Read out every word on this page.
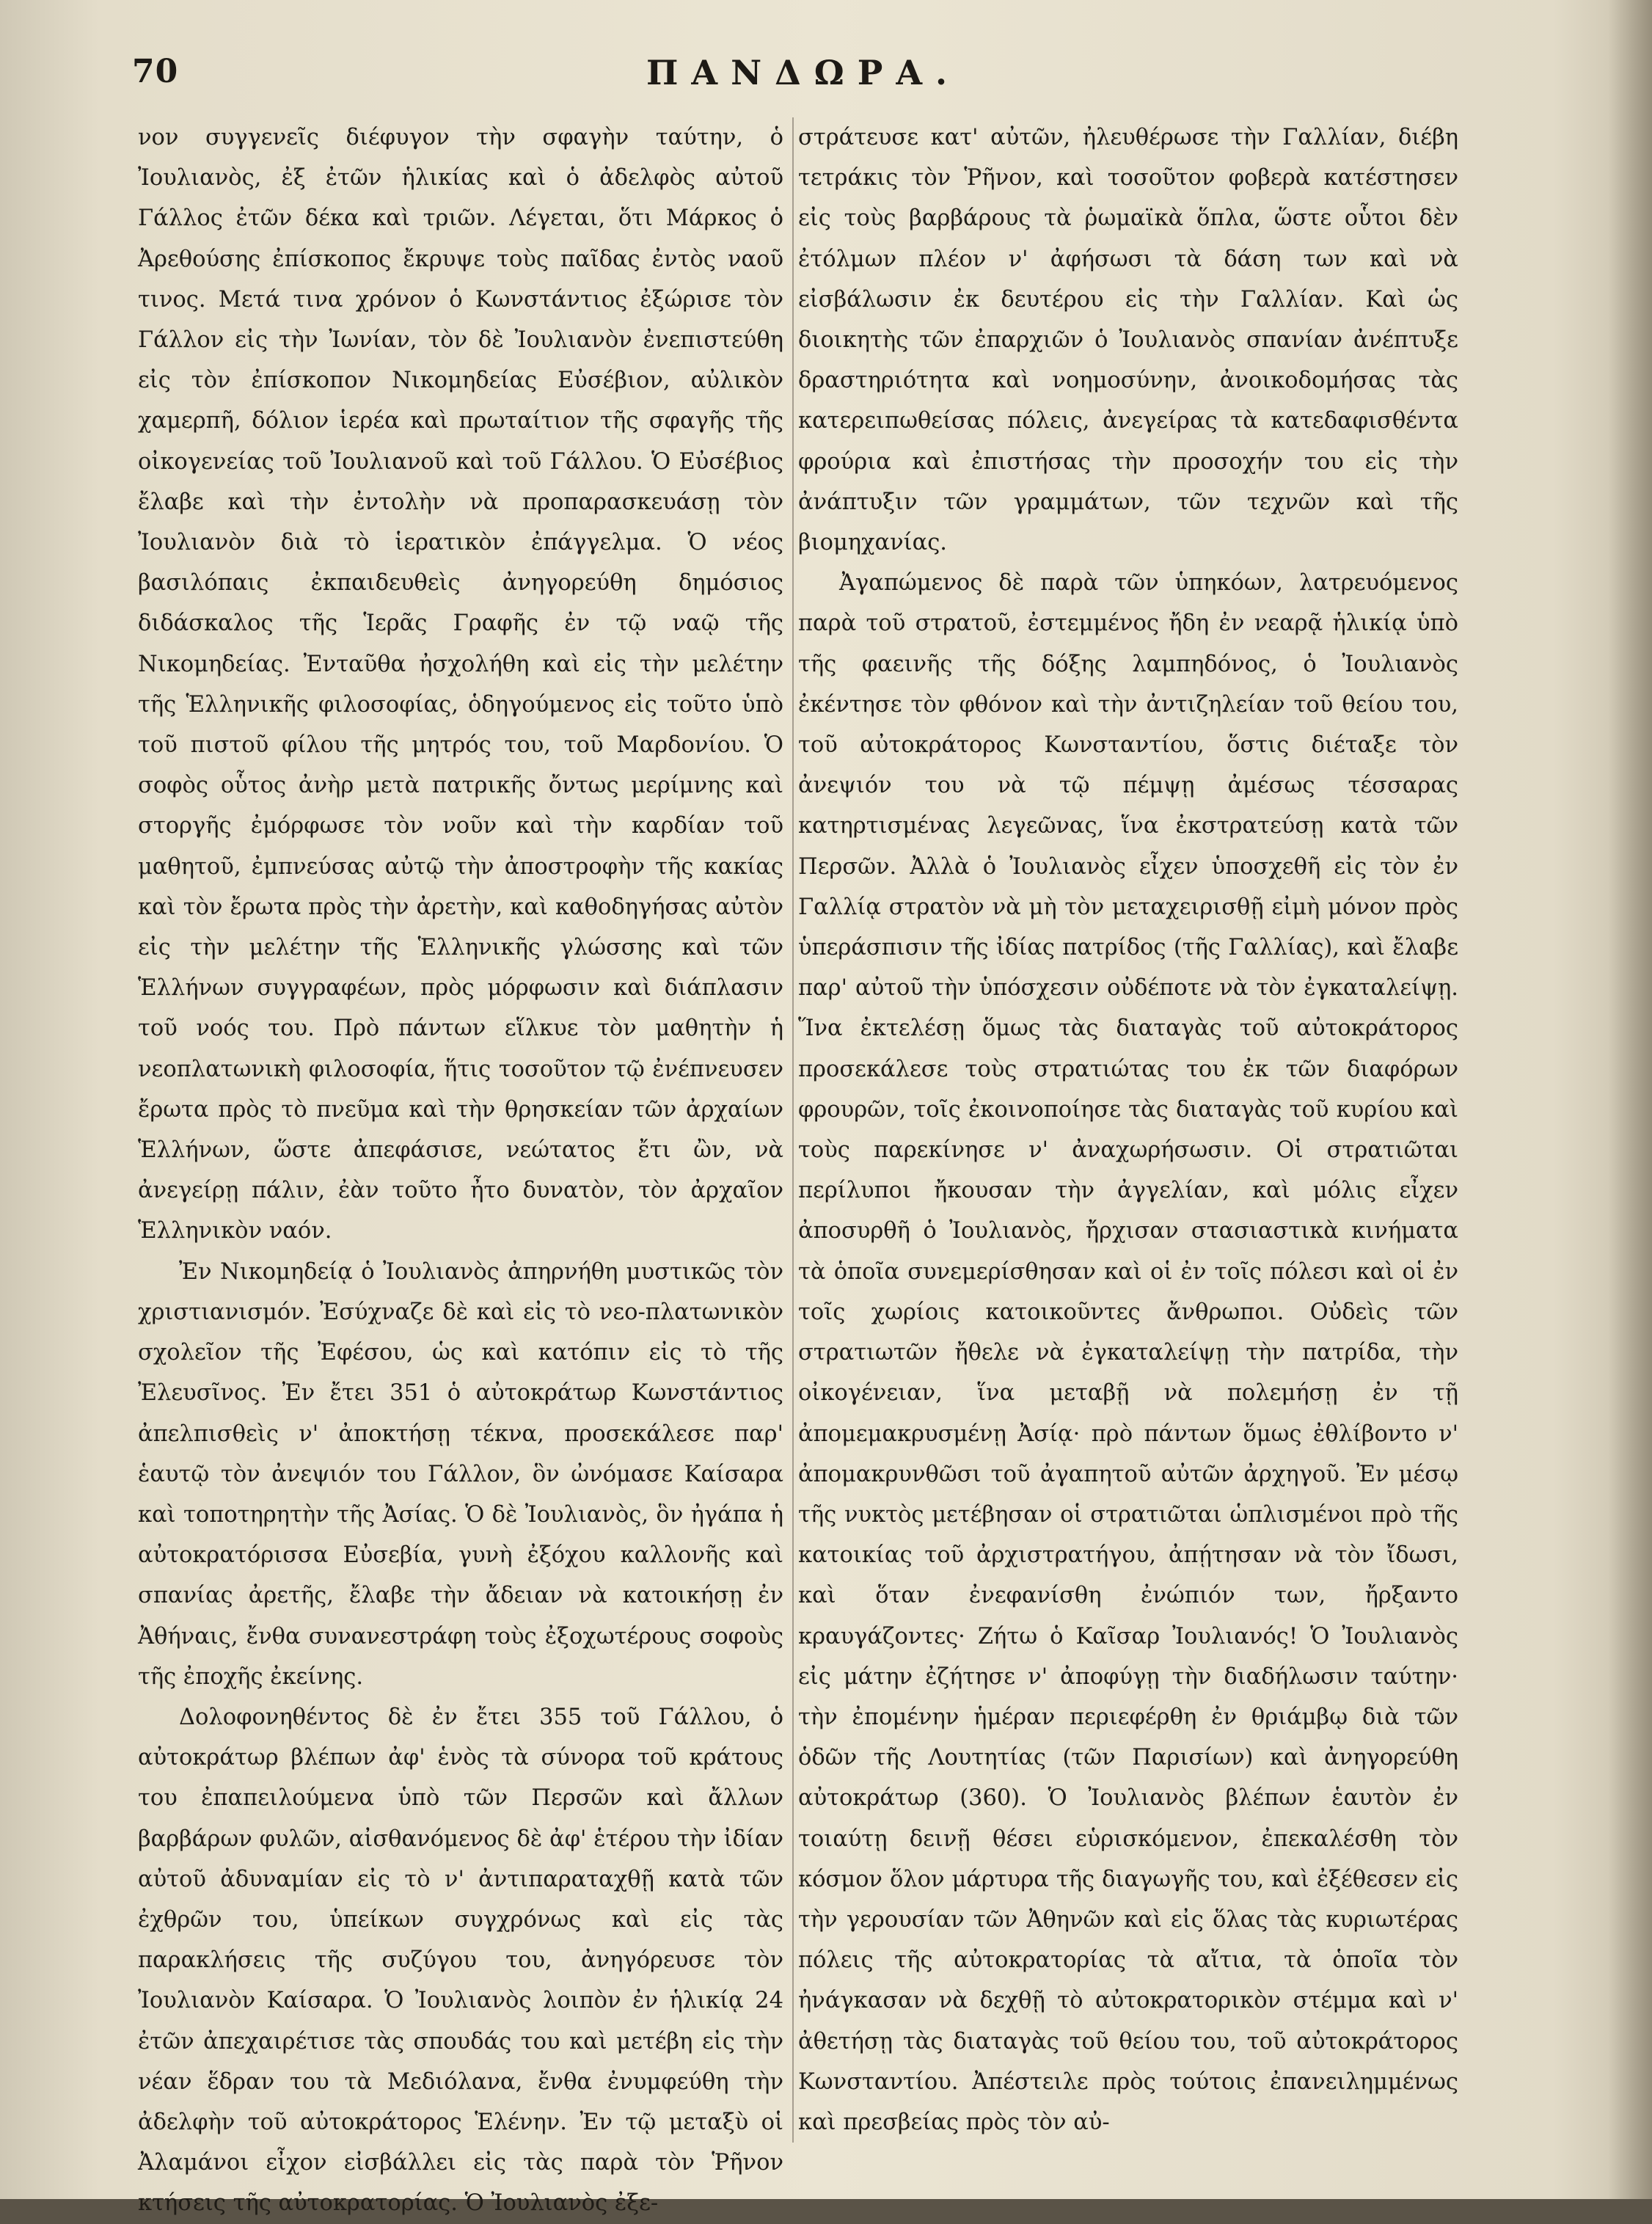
70	ΠΑΝΔΩΡΑ.

νον συγγενεῖς διέφυγον τὴν σφαγὴν ταύτην, ὁ Ἰουλιανὸς, ἐξ ἐτῶν ἡλικίας καὶ ὁ ἀδελφὸς αὐτοῦ Γάλλος ἐτῶν δέκα καὶ τριῶν. Λέγεται, ὅτι Μάρκος ὁ Ἀρεθούσης ἐπίσκοπος ἔκρυψε τοὺς παῖδας ἐντὸς ναοῦ τινος. Μετά τινα χρόνον ὁ Κωνστάντιος ἐξώρισε τὸν Γάλλον εἰς τὴν Ἰωνίαν, τὸν δὲ Ἰουλιανὸν ἐνεπιστεύθη εἰς τὸν ἐπίσκοπον Νικομηδείας Εὐσέβιον, αὐλικὸν χαμερπῆ, δόλιον ἱερέα καὶ πρωταίτιον τῆς σφαγῆς τῆς οἰκογενείας τοῦ Ἰουλιανοῦ καὶ τοῦ Γάλλου. Ὁ Εὐσέβιος ἔλαβε καὶ τὴν ἐντολὴν νὰ προπαρασκευάσῃ τὸν Ἰουλιανὸν διὰ τὸ ἱερατικὸν ἐπάγγελμα. Ὁ νέος βασιλόπαις ἐκπαιδευθεὶς ἀνηγορεύθη δημόσιος διδάσκαλος τῆς Ἱερᾶς Γραφῆς ἐν τῷ ναῷ τῆς Νικομηδείας. Ἐνταῦθα ἠσχολήθη καὶ εἰς τὴν μελέτην τῆς Ἑλληνικῆς φιλοσοφίας, ὁδηγούμενος εἰς τοῦτο ὑπὸ τοῦ πιστοῦ φίλου τῆς μητρός του, τοῦ Μαρδονίου. Ὁ σοφὸς οὗτος ἀνὴρ μετὰ πατρικῆς ὄντως μερίμνης καὶ στοργῆς ἐμόρφωσε τὸν νοῦν καὶ τὴν καρδίαν τοῦ μαθητοῦ, ἐμπνεύσας αὐτῷ τὴν ἀποστροφὴν τῆς κακίας καὶ τὸν ἔρωτα πρὸς τὴν ἀρετὴν, καὶ καθοδηγήσας αὐτὸν εἰς τὴν μελέτην τῆς Ἑλληνικῆς γλώσσης καὶ τῶν Ἑλλήνων συγγραφέων, πρὸς μόρφωσιν καὶ διάπλασιν τοῦ νοός του. Πρὸ πάντων εἵλκυε τὸν μαθητὴν ἡ νεοπλατωνικὴ φιλοσοφία, ἥτις τοσοῦτον τῷ ἐνέπνευσεν ἔρωτα πρὸς τὸ πνεῦμα καὶ τὴν θρησκείαν τῶν ἀρχαίων Ἑλλήνων, ὥστε ἀπεφάσισε, νεώτατος ἔτι ὢν, νὰ ἀνεγείρῃ πάλιν, ἐὰν τοῦτο ἦτο δυνατὸν, τὸν ἀρχαῖον Ἑλληνικὸν ναόν.

Ἐν Νικομηδείᾳ ὁ Ἰουλιανὸς ἀπηρνήθη μυστικῶς τὸν χριστιανισμόν. Ἐσύχναζε δὲ καὶ εἰς τὸ νεο-πλατωνικὸν σχολεῖον τῆς Ἐφέσου, ὡς καὶ κατόπιν εἰς τὸ τῆς Ἐλευσῖνος. Ἐν ἔτει 351 ὁ αὐτοκράτωρ Κωνστάντιος ἀπελπισθεὶς ν' ἀποκτήσῃ τέκνα, προσεκάλεσε παρ' ἑαυτῷ τὸν ἀνεψιόν του Γάλλον, ὃν ὠνόμασε Καίσαρα καὶ τοποτηρητὴν τῆς Ἀσίας. Ὁ δὲ Ἰουλιανὸς, ὃν ἠγάπα ἡ αὐτοκρατόρισσα Εὐσεβία, γυνὴ ἐξόχου καλλονῆς καὶ σπανίας ἀρετῆς, ἔλαβε τὴν ἄδειαν νὰ κατοικήσῃ ἐν Ἀθήναις, ἔνθα συνανεστράφη τοὺς ἐξοχωτέρους σοφοὺς τῆς ἐποχῆς ἐκείνης.

Δολοφονηθέντος δὲ ἐν ἔτει 355 τοῦ Γάλλου, ὁ αὐτοκράτωρ βλέπων ἀφ' ἑνὸς τὰ σύνορα τοῦ κράτους του ἐπαπειλούμενα ὑπὸ τῶν Περσῶν καὶ ἄλλων βαρβάρων φυλῶν, αἰσθανόμενος δὲ ἀφ' ἑτέρου τὴν ἰδίαν αὐτοῦ ἀδυναμίαν εἰς τὸ ν' ἀντιπαραταχθῇ κατὰ τῶν ἐχθρῶν του, ὑπείκων συγχρόνως καὶ εἰς τὰς παρακλήσεις τῆς συζύγου του, ἀνηγόρευσε τὸν Ἰουλιανὸν Καίσαρα. Ὁ Ἰουλιανὸς λοιπὸν ἐν ἡλικίᾳ 24 ἐτῶν ἀπεχαιρέτισε τὰς σπουδάς του καὶ μετέβη εἰς τὴν νέαν ἕδραν του τὰ Μεδιόλανα, ἔνθα ἐνυμφεύθη τὴν ἀδελφὴν τοῦ αὐτοκράτορος Ἑλένην. Ἐν τῷ μεταξὺ οἱ Ἀλαμάνοι εἶχον εἰσβάλλει εἰς τὰς παρὰ τὸν Ῥῆνον κτήσεις τῆς αὐτοκρατορίας. Ὁ Ἰουλιανὸς ἐξε-

στράτευσε κατ' αὐτῶν, ἠλευθέρωσε τὴν Γαλλίαν, διέβη τετράκις τὸν Ῥῆνον, καὶ τοσοῦτον φοβερὰ κατέστησεν εἰς τοὺς βαρβάρους τὰ ῥωμαϊκὰ ὅπλα, ὥστε οὗτοι δὲν ἐτόλμων πλέον ν' ἀφήσωσι τὰ δάση των καὶ νὰ εἰσβάλωσιν ἐκ δευτέρου εἰς τὴν Γαλλίαν. Καὶ ὡς διοικητὴς τῶν ἐπαρχιῶν ὁ Ἰουλιανὸς σπανίαν ἀνέπτυξε δραστηριότητα καὶ νοημοσύνην, ἀνοικοδομήσας τὰς κατερειπωθείσας πόλεις, ἀνεγείρας τὰ κατεδαφισθέντα φρούρια καὶ ἐπιστήσας τὴν προσοχήν του εἰς τὴν ἀνάπτυξιν τῶν γραμμάτων, τῶν τεχνῶν καὶ τῆς βιομηχανίας.

Ἀγαπώμενος δὲ παρὰ τῶν ὑπηκόων, λατρευόμενος παρὰ τοῦ στρατοῦ, ἐστεμμένος ἤδη ἐν νεαρᾷ ἡλικίᾳ ὑπὸ τῆς φαεινῆς τῆς δόξης λαμπηδόνος, ὁ Ἰουλιανὸς ἐκέντησε τὸν φθόνον καὶ τὴν ἀντιζηλείαν τοῦ θείου του, τοῦ αὐτοκράτορος Κωνσταντίου, ὅστις διέταξε τὸν ἀνεψιόν του νὰ τῷ πέμψῃ ἀμέσως τέσσαρας κατηρτισμένας λεγεῶνας, ἵνα ἐκστρατεύσῃ κατὰ τῶν Περσῶν. Ἀλλὰ ὁ Ἰουλιανὸς εἶχεν ὑποσχεθῆ εἰς τὸν ἐν Γαλλίᾳ στρατὸν νὰ μὴ τὸν μεταχειρισθῇ εἰμὴ μόνον πρὸς ὑπεράσπισιν τῆς ἰδίας πατρίδος (τῆς Γαλλίας), καὶ ἔλαβε παρ' αὐτοῦ τὴν ὑπόσχεσιν οὐδέποτε νὰ τὸν ἐγκαταλείψῃ. Ἵνα ἐκτελέσῃ ὅμως τὰς διαταγὰς τοῦ αὐτοκράτορος προσεκάλεσε τοὺς στρατιώτας του ἐκ τῶν διαφόρων φρουρῶν, τοῖς ἐκοινοποίησε τὰς διαταγὰς τοῦ κυρίου καὶ τοὺς παρεκίνησε ν' ἀναχωρήσωσιν. Οἱ στρατιῶται περίλυποι ἤκουσαν τὴν ἀγγελίαν, καὶ μόλις εἶχεν ἀποσυρθῆ ὁ Ἰουλιανὸς, ἤρχισαν στασιαστικὰ κινήματα τὰ ὁποῖα συνεμερίσθησαν καὶ οἱ ἐν τοῖς πόλεσι καὶ οἱ ἐν τοῖς χωρίοις κατοικοῦντες ἄνθρωποι. Οὐδεὶς τῶν στρατιωτῶν ἤθελε νὰ ἐγκαταλείψῃ τὴν πατρίδα, τὴν οἰκογένειαν, ἵνα μεταβῇ νὰ πολεμήσῃ ἐν τῇ ἀπομεμακρυσμένῃ Ἀσίᾳ· πρὸ πάντων ὅμως ἐθλίβοντο ν' ἀπομακρυνθῶσι τοῦ ἀγαπητοῦ αὐτῶν ἀρχηγοῦ. Ἐν μέσῳ τῆς νυκτὸς μετέβησαν οἱ στρατιῶται ὡπλισμένοι πρὸ τῆς κατοικίας τοῦ ἀρχιστρατήγου, ἀπῄτησαν νὰ τὸν ἴδωσι, καὶ ὅταν ἐνεφανίσθη ἐνώπιόν των, ἤρξαντο κραυγάζοντες· Ζήτω ὁ Καῖσαρ Ἰουλιανός! Ὁ Ἰουλιανὸς εἰς μάτην ἐζήτησε ν' ἀποφύγῃ τὴν διαδήλωσιν ταύτην· τὴν ἐπομένην ἡμέραν περιεφέρθη ἐν θριάμβῳ διὰ τῶν ὁδῶν τῆς Λουτητίας (τῶν Παρισίων) καὶ ἀνηγορεύθη αὐτοκράτωρ (360). Ὁ Ἰουλιανὸς βλέπων ἑαυτὸν ἐν τοιαύτῃ δεινῇ θέσει εὑρισκόμενον, ἐπεκαλέσθη τὸν κόσμον ὅλον μάρτυρα τῆς διαγωγῆς του, καὶ ἐξέθεσεν εἰς τὴν γερουσίαν τῶν Ἀθηνῶν καὶ εἰς ὅλας τὰς κυριωτέρας πόλεις τῆς αὐτοκρατορίας τὰ αἴτια, τὰ ὁποῖα τὸν ἠνάγκασαν νὰ δεχθῇ τὸ αὐτοκρατορικὸν στέμμα καὶ ν' ἀθετήσῃ τὰς διαταγὰς τοῦ θείου του, τοῦ αὐτοκράτορος Κωνσταντίου. Ἀπέστειλε πρὸς τούτοις ἐπανειλημμένως καὶ πρεσβείας πρὸς τὸν αὐ-
